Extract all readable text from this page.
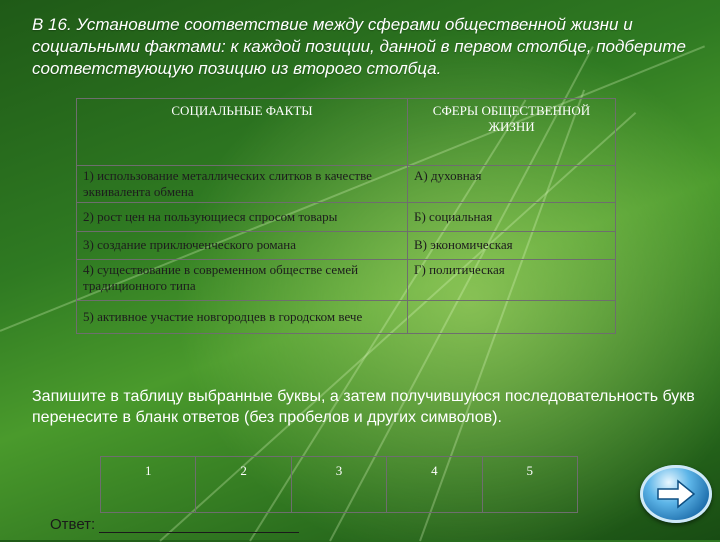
В 16. Установите соответствие между сферами общественной жизни и социальными фактами: к каждой позиции, данной в первом столбце, подберите соответствующую позицию из второго столбца.
СОЦИАЛЬНЫЕ ФАКТЫ	СФЕРЫ ОБЩЕСТВЕННОЙ ЖИЗНИ
1) использование металлических слитков в качестве эквивалента обмена	А) духовная
2) рост цен на пользующиеся спросом товары	Б) социальная
3) создание приключенческого романа	В) экономическая
4) существование в современном обществе семей традиционного типа	Г) политическая
5) активное участие новгородцев в городском вече	
Запишите в таблицу выбранные буквы, а затем получившуюся последовательность букв перенесите в бланк ответов (без пробелов и других символов).
1	2	3	4	5
Ответ:
